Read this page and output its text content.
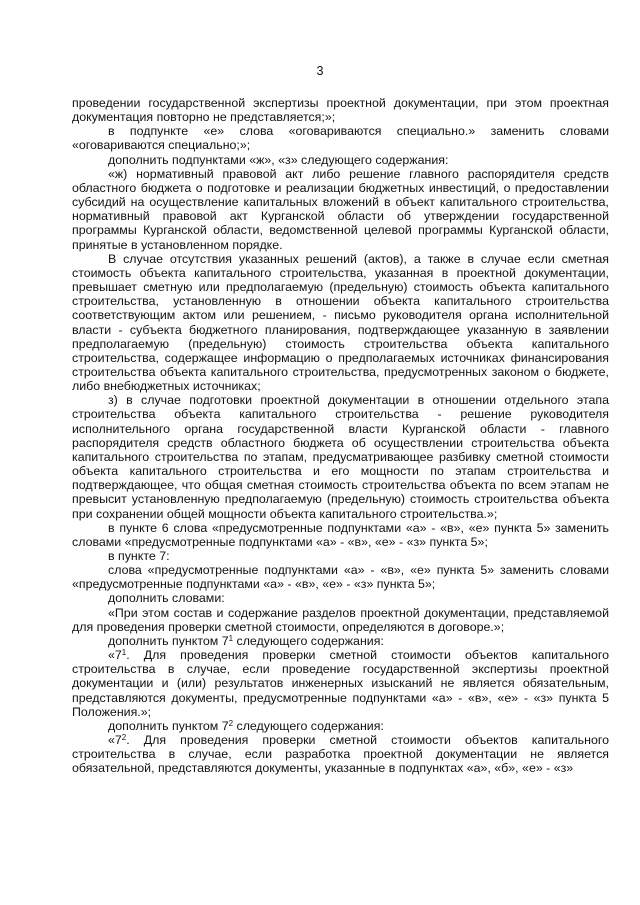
3

проведении государственной экспертизы проектной документации, при этом проектная документация повторно не представляется;»;

в подпункте «е» слова «оговариваются специально.» заменить словами «оговариваются специально;»;

дополнить подпунктами «ж», «з» следующего содержания:

«ж) нормативный правовой акт либо решение главного распорядителя средств областного бюджета о подготовке и реализации бюджетных инвестиций, о предоставлении субсидий на осуществление капитальных вложений в объект капитального строительства, нормативный правовой акт Курганской области об утверждении государственной программы Курганской области, ведомственной целевой программы Курганской области, принятые в установленном порядке.

В случае отсутствия указанных решений (актов), а также в случае если сметная стоимость объекта капитального строительства, указанная в проектной документации, превышает сметную или предполагаемую (предельную) стоимость объекта капитального строительства, установленную в отношении объекта капитального строительства соответствующим актом или решением, - письмо руководителя органа исполнительной власти - субъекта бюджетного планирования, подтверждающее указанную в заявлении предполагаемую (предельную) стоимость строительства объекта капитального строительства, содержащее информацию о предполагаемых источниках финансирования строительства объекта капитального строительства, предусмотренных законом о бюджете, либо внебюджетных источниках;

з) в случае подготовки проектной документации в отношении отдельного этапа строительства объекта капитального строительства - решение руководителя исполнительного органа государственной власти Курганской области - главного распорядителя средств областного бюджета об осуществлении строительства объекта капитального строительства по этапам, предусматривающее разбивку сметной стоимости объекта капитального строительства и его мощности по этапам строительства и подтверждающее, что общая сметная стоимость строительства объекта по всем этапам не превысит установленную предполагаемую (предельную) стоимость строительства объекта при сохранении общей мощности объекта капитального строительства.»;

в пункте 6 слова «предусмотренные подпунктами «а» - «в», «е» пункта 5» заменить словами «предусмотренные подпунктами «а» - «в», «е» - «з» пункта 5»;

в пункте 7:

слова «предусмотренные подпунктами «а» - «в», «е» пункта 5» заменить словами «предусмотренные подпунктами «а» - «в», «е» - «з» пункта 5»;

дополнить словами:

«При этом состав и содержание разделов проектной документации, представляемой для проведения проверки сметной стоимости, определяются в договоре.»;

дополнить пунктом $7^1$ следующего содержания:

«$7^1$. Для проведения проверки сметной стоимости объектов капитального строительства в случае, если проведение государственной экспертизы проектной документации и (или) результатов инженерных изысканий не является обязательным, представляются документы, предусмотренные подпунктами «а» - «в», «е» - «з» пункта 5 Положения.»;

дополнить пунктом $7^2$ следующего содержания:

«$7^2$. Для проведения проверки сметной стоимости объектов капитального строительства в случае, если разработка проектной документации не является обязательной, представляются документы, указанные в подпунктах «а», «б», «е» - «з»
